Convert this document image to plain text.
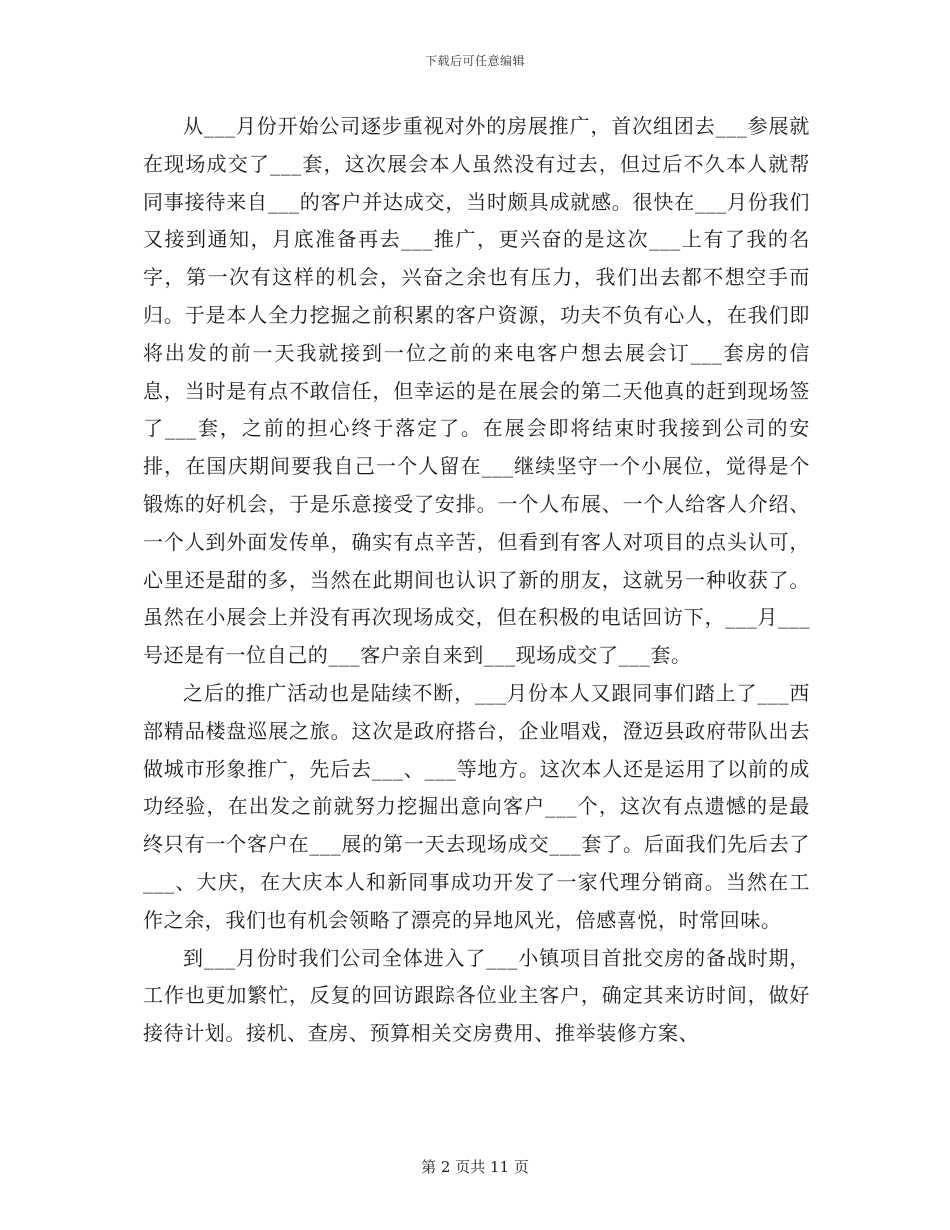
下载后可任意编辑

从___月份开始公司逐步重视对外的房展推广，首次组团去___参展就在现场成交了___套，这次展会本人虽然没有过去，但过后不久本人就帮同事接待来自___的客户并达成交，当时颇具成就感。很快在___月份我们又接到通知，月底准备再去___推广，更兴奋的是这次___上有了我的名字，第一次有这样的机会，兴奋之余也有压力，我们出去都不想空手而归。于是本人全力挖掘之前积累的客户资源，功夫不负有心人，在我们即将出发的前一天我就接到一位之前的来电客户想去展会订___套房的信息，当时是有点不敢信任，但幸运的是在展会的第二天他真的赶到现场签了___套，之前的担心终于落定了。在展会即将结束时我接到公司的安排，在国庆期间要我自己一个人留在___继续坚守一个小展位，觉得是个锻炼的好机会，于是乐意接受了安排。一个人布展、一个人给客人介绍、一个人到外面发传单，确实有点辛苦，但看到有客人对项目的点头认可，心里还是甜的多，当然在此期间也认识了新的朋友，这就另一种收获了。虽然在小展会上并没有再次现场成交，但在积极的电话回访下，___月___号还是有一位自己的___客户亲自来到___现场成交了___套。

之后的推广活动也是陆续不断，___月份本人又跟同事们踏上了___西部精品楼盘巡展之旅。这次是政府搭台，企业唱戏，澄迈县政府带队出去做城市形象推广，先后去___、___等地方。这次本人还是运用了以前的成功经验，在出发之前就努力挖掘出意向客户___个，这次有点遗憾的是最终只有一个客户在___展的第一天去现场成交___套了。后面我们先后去了___、大庆，在大庆本人和新同事成功开发了一家代理分销商。当然在工作之余，我们也有机会领略了漂亮的异地风光，倍感喜悦，时常回味。

到___月份时我们公司全体进入了___小镇项目首批交房的备战时期，工作也更加繁忙，反复的回访跟踪各位业主客户，确定其来访时间，做好接待计划。接机、查房、预算相关交房费用、推举装修方案、

第 2 页共 11 页
